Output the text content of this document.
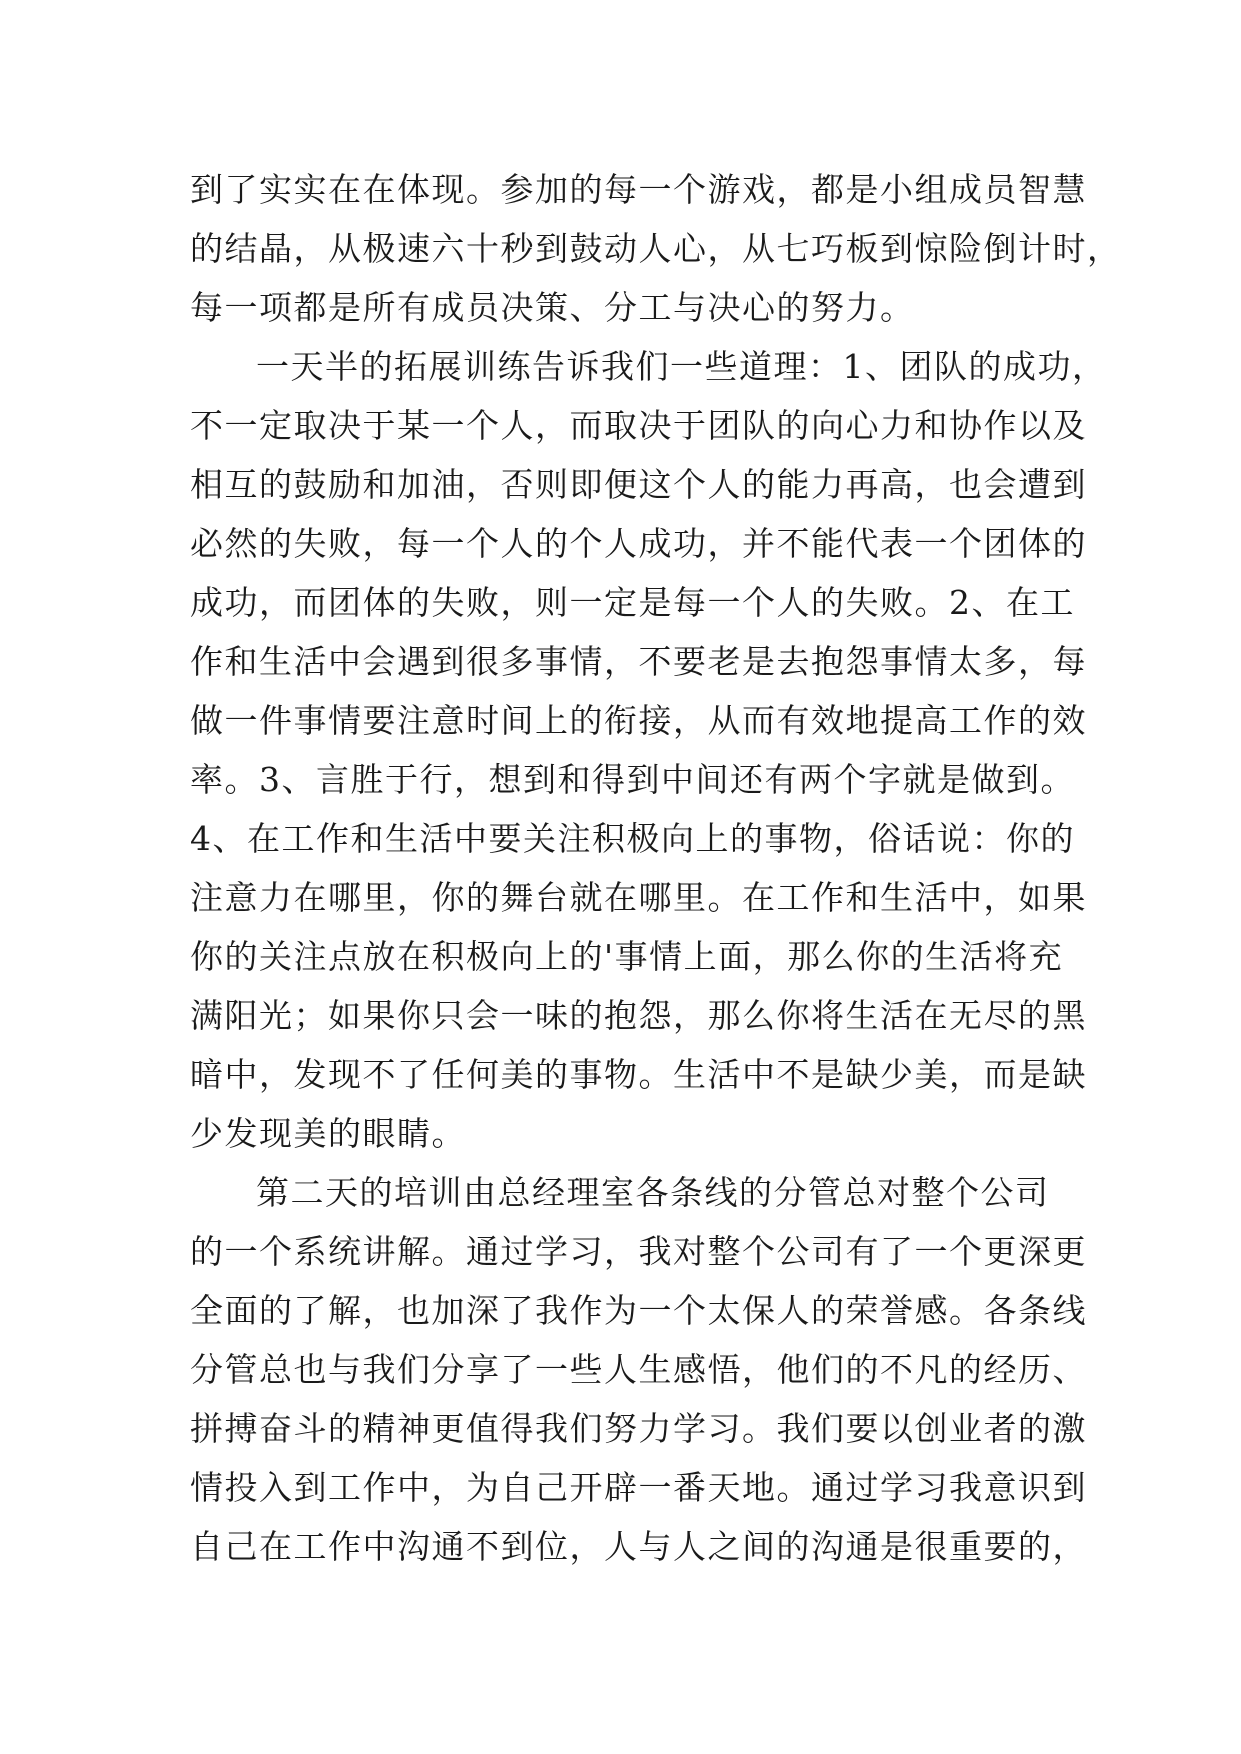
到了实实在在体现。参加的每一个游戏，都是小组成员智慧
的结晶，从极速六十秒到鼓动人心，从七巧板到惊险倒计时，
每一项都是所有成员决策、分工与决心的努力。
一天半的拓展训练告诉我们一些道理：1、团队的成功，
不一定取决于某一个人，而取决于团队的向心力和协作以及
相互的鼓励和加油，否则即便这个人的能力再高，也会遭到
必然的失败，每一个人的个人成功，并不能代表一个团体的
成功，而团体的失败，则一定是每一个人的失败。2、在工
作和生活中会遇到很多事情，不要老是去抱怨事情太多，每
做一件事情要注意时间上的衔接，从而有效地提高工作的效
率。3、言胜于行，想到和得到中间还有两个字就是做到。
4、在工作和生活中要关注积极向上的事物，俗话说：你的
注意力在哪里，你的舞台就在哪里。在工作和生活中，如果
你的关注点放在积极向上的'事情上面，那么你的生活将充
满阳光；如果你只会一味的抱怨，那么你将生活在无尽的黑
暗中，发现不了任何美的事物。生活中不是缺少美，而是缺
少发现美的眼睛。
第二天的培训由总经理室各条线的分管总对整个公司
的一个系统讲解。通过学习，我对整个公司有了一个更深更
全面的了解，也加深了我作为一个太保人的荣誉感。各条线
分管总也与我们分享了一些人生感悟，他们的不凡的经历、
拼搏奋斗的精神更值得我们努力学习。我们要以创业者的激
情投入到工作中，为自己开辟一番天地。通过学习我意识到
自己在工作中沟通不到位，人与人之间的沟通是很重要的，
